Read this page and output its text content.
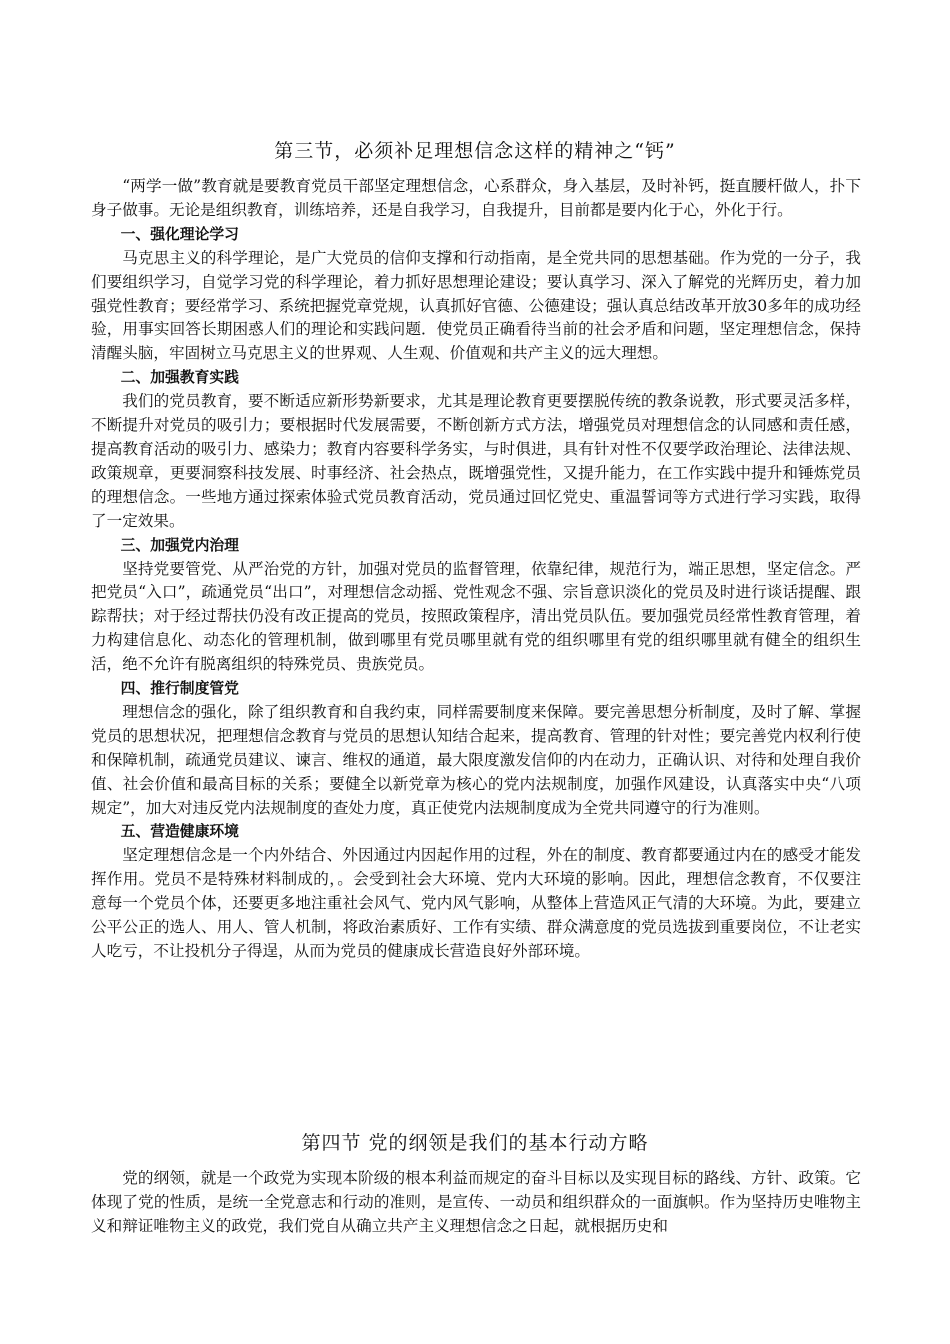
第三节，必须补足理想信念这样的精神之“钙”

“两学一做”教育就是要教育党员干部坚定理想信念，心系群众，身入基层，及时补钙，挺直腰杆做人，扑下身子做事。无论是组织教育，训练培养，还是自我学习，自我提升，目前都是要内化于心，外化于行。

一、强化理论学习

马克思主义的科学理论，是广大党员的信仰支撑和行动指南，是全党共同的思想基础。作为党的一分子，我们要组织学习，自觉学习党的科学理论，着力抓好思想理论建设；要认真学习、深入了解党的光辉历史，着力加强党性教育；要经常学习、系统把握党章党规，认真抓好官德、公德建设；强认真总结改革开放30多年的成功经验，用事实回答长期困惑人们的理论和实践问题．使党员正确看待当前的社会矛盾和问题，坚定理想信念，保持清醒头脑，牢固树立马克思主义的世界观、人生观、价值观和共产主义的远大理想。

二、加强教育实践

我们的党员教育，要不断适应新形势新要求，尤其是理论教育更要摆脱传统的教条说教，形式要灵活多样，不断提升对党员的吸引力；要根据时代发展需要，不断创新方式方法，增强党员对理想信念的认同感和责任感，提高教育活动的吸引力、感染力；教育内容要科学务实，与时俱进，具有针对性不仅要学政治理论、法律法规、政策规章，更要洞察科技发展、时事经济、社会热点，既增强党性，又提升能力，在工作实践中提升和锤炼党员的理想信念。一些地方通过探索体验式党员教育活动，党员通过回忆党史、重温誓词等方式进行学习实践，取得了一定效果。

三、加强党内治理

坚持党要管党、从严治党的方针，加强对党员的监督管理，依靠纪律，规范行为，端正思想，坚定信念。严把党员“入口”，疏通党员“出口”，对理想信念动摇、党性观念不强、宗旨意识淡化的党员及时进行谈话提醒、跟踪帮扶；对于经过帮扶仍没有改正提高的党员，按照政策程序，清出党员队伍。要加强党员经常性教育管理，着力构建信息化、动态化的管理机制，做到哪里有党员哪里就有党的组织哪里有党的组织哪里就有健全的组织生活，绝不允许有脱离组织的特殊党员、贵族党员。

四、推行制度管党

理想信念的强化，除了组织教育和自我约束，同样需要制度来保障。要完善思想分析制度，及时了解、掌握党员的思想状况，把理想信念教育与党员的思想认知结合起来，提高教育、管理的针对性；要完善党内权利行使和保障机制，疏通党员建议、谏言、维权的通道，最大限度激发信仰的内在动力，正确认识、对待和处理自我价值、社会价值和最高目标的关系；要健全以新党章为核心的党内法规制度，加强作风建设，认真落实中央“八项规定”，加大对违反党内法规制度的查处力度，真正使党内法规制度成为全党共同遵守的行为准则。

五、营造健康环境

坚定理想信念是一个内外结合、外因通过内因起作用的过程，外在的制度、教育都要通过内在的感受才能发挥作用。党员不是特殊材料制成的，。会受到社会大环境、党内大环境的影响。因此，理想信念教育，不仅要注意每一个党员个体，还要更多地注重社会风气、党内风气影响，从整体上营造风正气清的大环境。为此，要建立公平公正的选人、用人、管人机制，将政治素质好、工作有实绩、群众满意度的党员选拔到重要岗位，不让老实人吃亏，不让投机分子得逞，从而为党员的健康成长营造良好外部环境。

第四节 党的纲领是我们的基本行动方略

党的纲领，就是一个政党为实现本阶级的根本利益而规定的奋斗目标以及实现目标的路线、方针、政策。它体现了党的性质，是统一全党意志和行动的准则，是宣传、一动员和组织群众的一面旗帜。作为坚持历史唯物主义和辩证唯物主义的政党，我们党自从确立共产主义理想信念之日起，就根据历史和
